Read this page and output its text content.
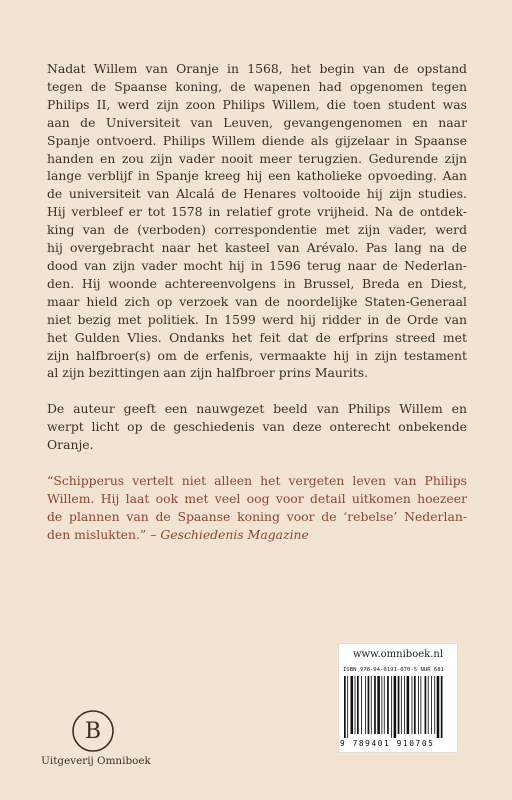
Nadat Willem van Oranje in 1568, het begin van de opstand
tegen de Spaanse koning, de wapenen had opgenomen tegen
Philips II, werd zijn zoon Philips Willem, die toen student was
aan de Universiteit van Leuven, gevangengenomen en naar
Spanje ontvoerd. Philips Willem diende als gijzelaar in Spaanse
handen en zou zijn vader nooit meer terugzien. Gedurende zijn
lange verblijf in Spanje kreeg hij een katholieke opvoeding. Aan
de universiteit van Alcalá de Henares voltooide hij zijn studies.
Hij verbleef er tot 1578 in relatief grote vrijheid. Na de ontdek-
king van de (verboden) correspondentie met zijn vader, werd
hij overgebracht naar het kasteel van Arévalo. Pas lang na de
dood van zijn vader mocht hij in 1596 terug naar de Nederlan-
den. Hij woonde achtereenvolgens in Brussel, Breda en Diest,
maar hield zich op verzoek van de noordelijke Staten-Generaal
niet bezig met politiek. In 1599 werd hij ridder in de Orde van
het Gulden Vlies. Ondanks het feit dat de erfprins streed met
zijn halfbroer(s) om de erfenis, vermaakte hij in zijn testament
al zijn bezittingen aan zijn halfbroer prins Maurits.
De auteur geeft een nauwgezet beeld van Philips Willem en
werpt licht op de geschiedenis van deze onterecht onbekende
Oranje.
“Schipperus vertelt niet alleen het vergeten leven van Philips
Willem. Hij laat ook met veel oog voor detail uitkomen hoezeer
de plannen van de Spaanse koning voor de ‘rebelse’ Nederlan-
den mislukten.” – Geschiedenis Magazine
www.omniboek.nl
ISBN 978-94-0191-070-5 NUR 681
9 789401 910705
B
Uitgeverij Omniboek
